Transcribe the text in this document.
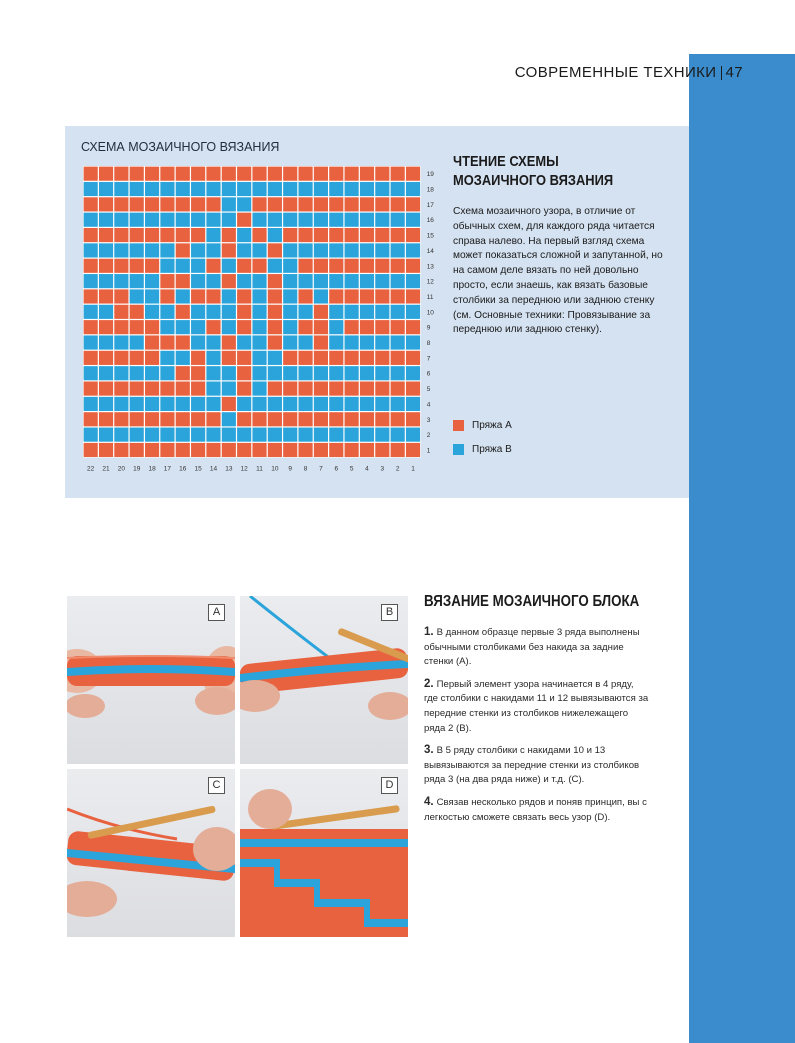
СОВРЕМЕННЫЕ ТЕХНИКИ 47
СХЕМА МОЗАИЧНОГО ВЯЗАНИЯ
19
18
17
16
15
14
13
12
11
10
9
8
7
6
5
4
3
2
1
22 21 20 19 18 17 16 15 14 13 12 11 10 9 8 7 6 5 4 3 2 1
ЧТЕНИЕ СХЕМЫ МОЗАИЧНОГО ВЯЗАНИЯ
Схема мозаичного узора, в отличие от обычных схем, для каждого ряда читается справа налево. На первый взгляд схема может показаться сложной и запутанной, но на самом деле вязать по ней довольно просто, если знаешь, как вязать базовые столбики за переднюю или заднюю стенку (см. Основные техники: Провязывание за переднюю или заднюю стенку).
Пряжа А
Пряжа В
A	B
C	D
ВЯЗАНИЕ МОЗАИЧНОГО БЛОКА
1. В данном образце первые 3 ряда выполнены обычными столбиками без накида за задние стенки (А).
2. Первый элемент узора начинается в 4 ряду, где столбики с накидами 11 и 12 вывязываются за передние стенки из столбиков нижележащего ряда 2 (В).
3. В 5 ряду столбики с накидами 10 и 13 вывязываются за передние стенки из столбиков ряда 3 (на два ряда ниже) и т.д. (С).
4. Связав несколько рядов и поняв принцип, вы с легкостью сможете связать весь узор (D).
